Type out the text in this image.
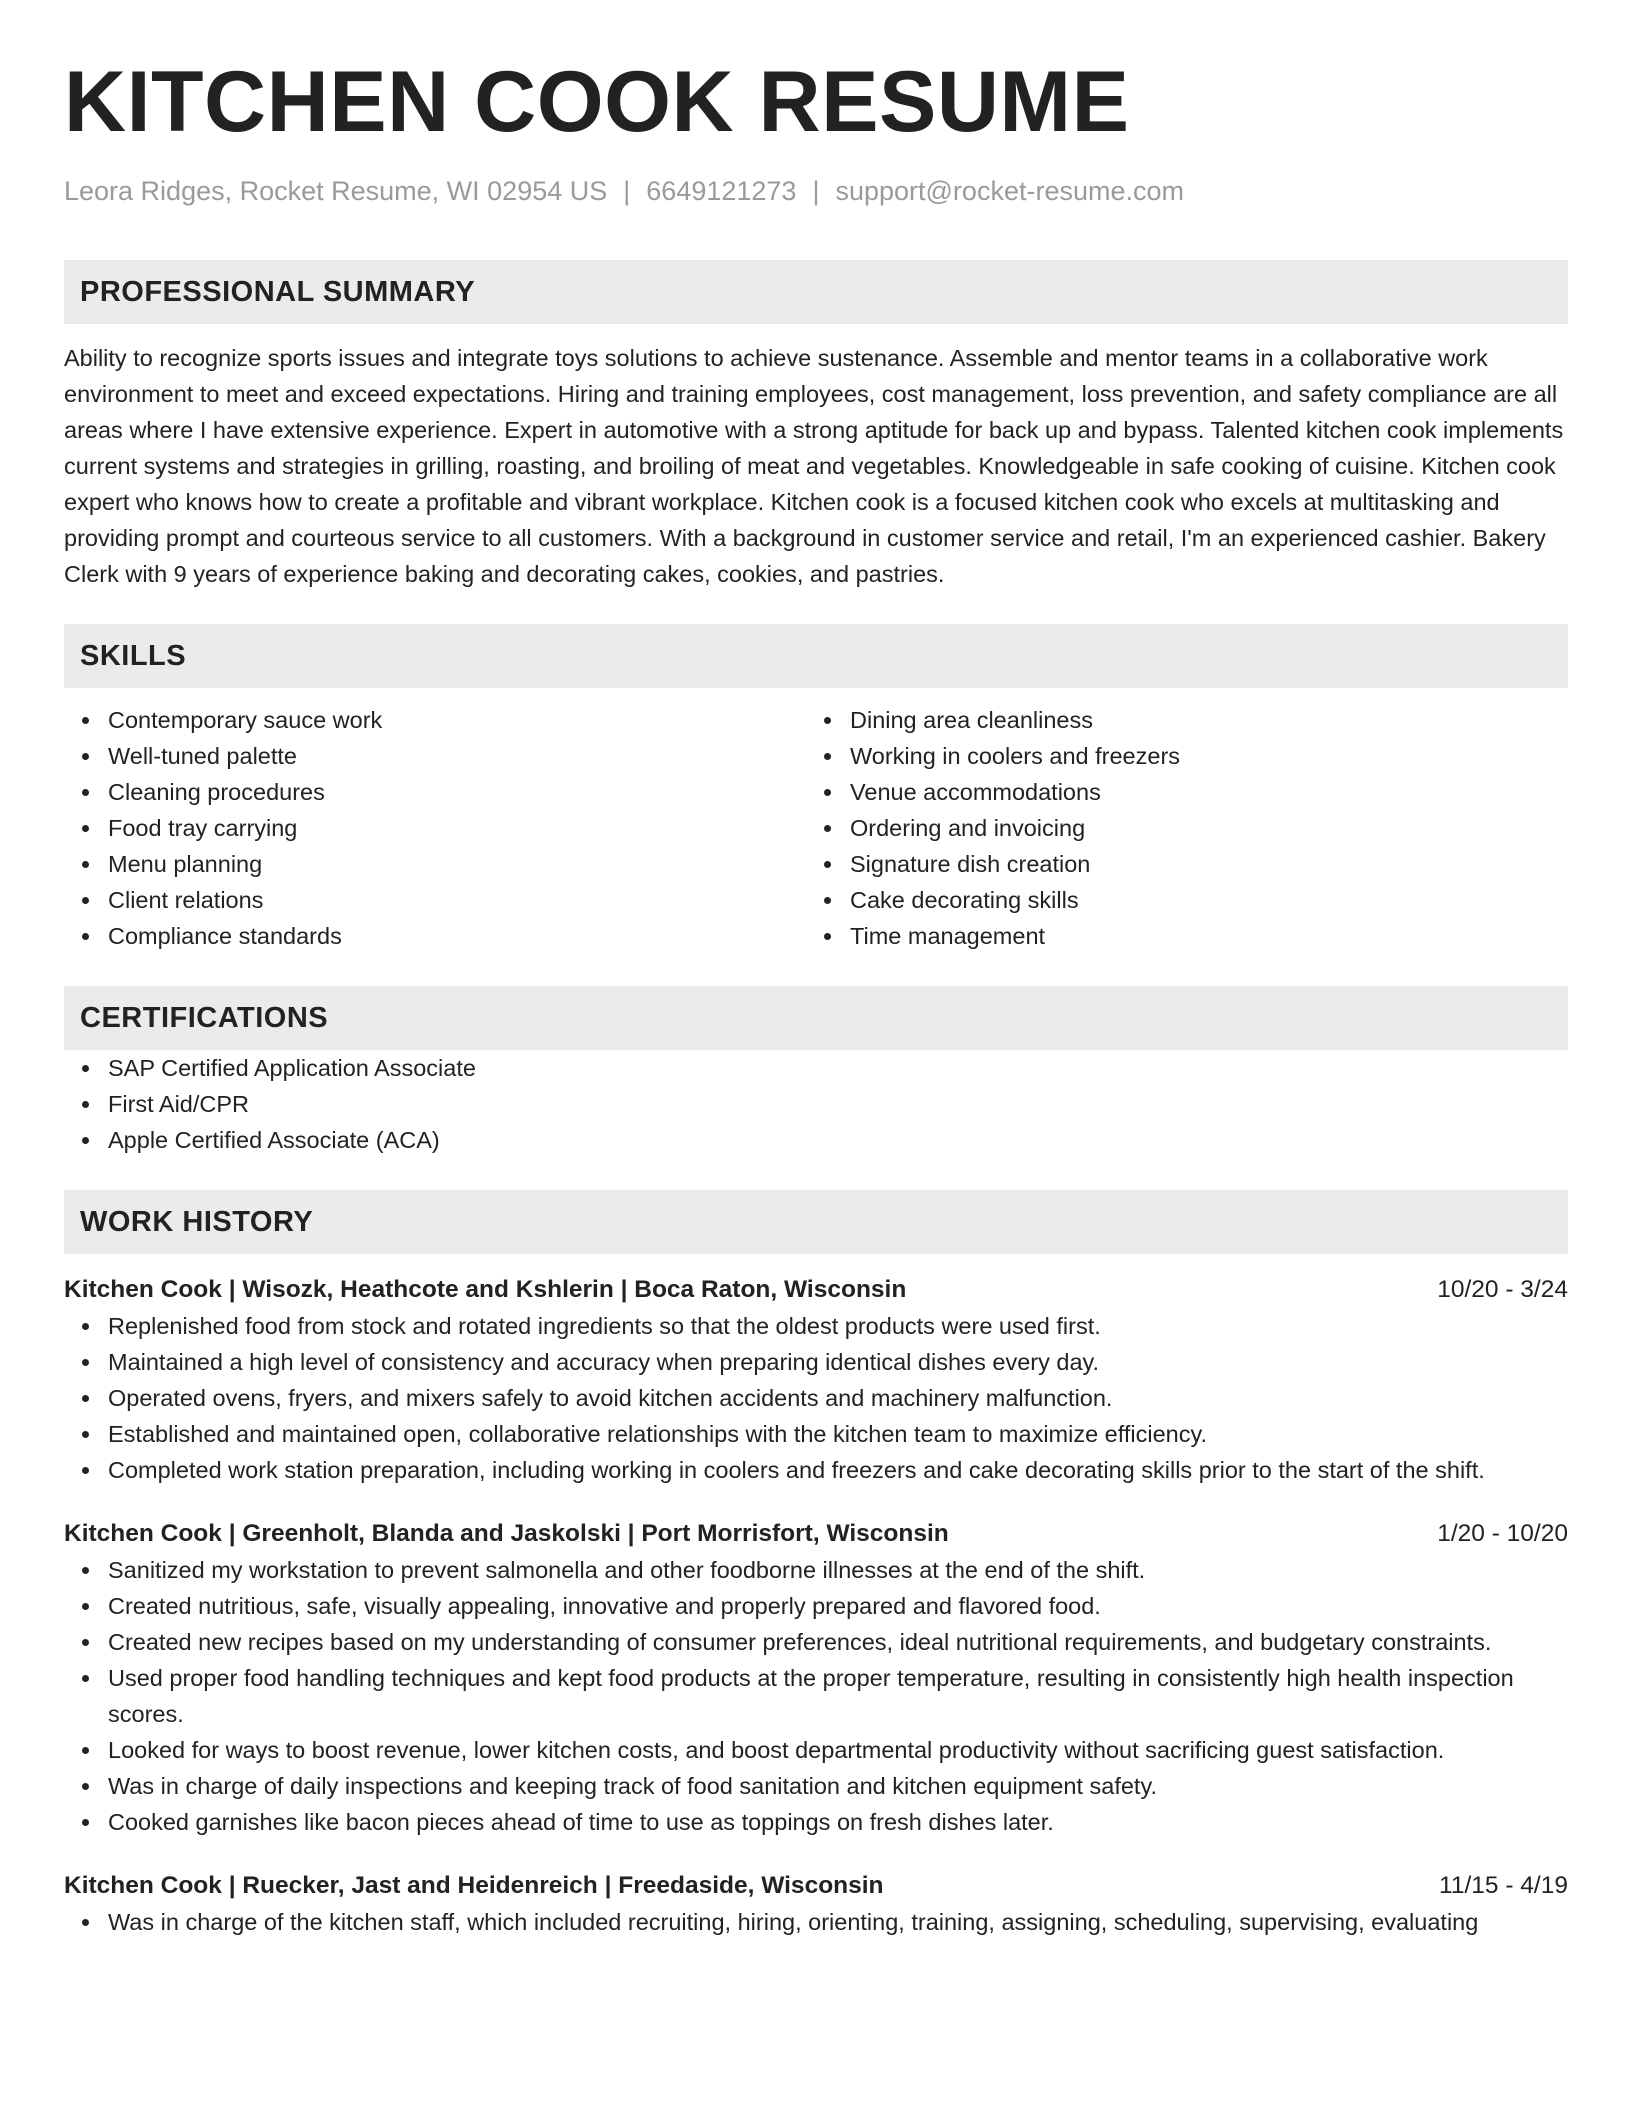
KITCHEN COOK RESUME
Leora Ridges, Rocket Resume, WI 02954 US | 6649121273 | support@rocket-resume.com
PROFESSIONAL SUMMARY

Ability to recognize sports issues and integrate toys solutions to achieve sustenance. Assemble and mentor teams in a collaborative work environment to meet and exceed expectations. Hiring and training employees, cost management, loss prevention, and safety compliance are all areas where I have extensive experience. Expert in automotive with a strong aptitude for back up and bypass. Talented kitchen cook implements current systems and strategies in grilling, roasting, and broiling of meat and vegetables. Knowledgeable in safe cooking of cuisine. Kitchen cook expert who knows how to create a profitable and vibrant workplace. Kitchen cook is a focused kitchen cook who excels at multitasking and providing prompt and courteous service to all customers. With a background in customer service and retail, I'm an experienced cashier. Bakery Clerk with 9 years of experience baking and decorating cakes, cookies, and pastries.

SKILLS
Contemporary sauce work
Well-tuned palette
Cleaning procedures
Food tray carrying
Menu planning
Client relations
Compliance standards
Dining area cleanliness
Working in coolers and freezers
Venue accommodations
Ordering and invoicing
Signature dish creation
Cake decorating skills
Time management
CERTIFICATIONS
SAP Certified Application Associate
First Aid/CPR
Apple Certified Associate (ACA)
WORK HISTORY
Kitchen Cook | Wisozk, Heathcote and Kshlerin | Boca Raton, Wisconsin	10/20 - 3/24
Replenished food from stock and rotated ingredients so that the oldest products were used first.
Maintained a high level of consistency and accuracy when preparing identical dishes every day.
Operated ovens, fryers, and mixers safely to avoid kitchen accidents and machinery malfunction.
Established and maintained open, collaborative relationships with the kitchen team to maximize efficiency.
Completed work station preparation, including working in coolers and freezers and cake decorating skills prior to the start of the shift.
Kitchen Cook | Greenholt, Blanda and Jaskolski | Port Morrisfort, Wisconsin	1/20 - 10/20
Sanitized my workstation to prevent salmonella and other foodborne illnesses at the end of the shift.
Created nutritious, safe, visually appealing, innovative and properly prepared and flavored food.
Created new recipes based on my understanding of consumer preferences, ideal nutritional requirements, and budgetary constraints.
Used proper food handling techniques and kept food products at the proper temperature, resulting in consistently high health inspection scores.
Looked for ways to boost revenue, lower kitchen costs, and boost departmental productivity without sacrificing guest satisfaction.
Was in charge of daily inspections and keeping track of food sanitation and kitchen equipment safety.
Cooked garnishes like bacon pieces ahead of time to use as toppings on fresh dishes later.
Kitchen Cook | Ruecker, Jast and Heidenreich | Freedaside, Wisconsin	11/15 - 4/19
Was in charge of the kitchen staff, which included recruiting, hiring, orienting, training, assigning, scheduling, supervising, evaluating
